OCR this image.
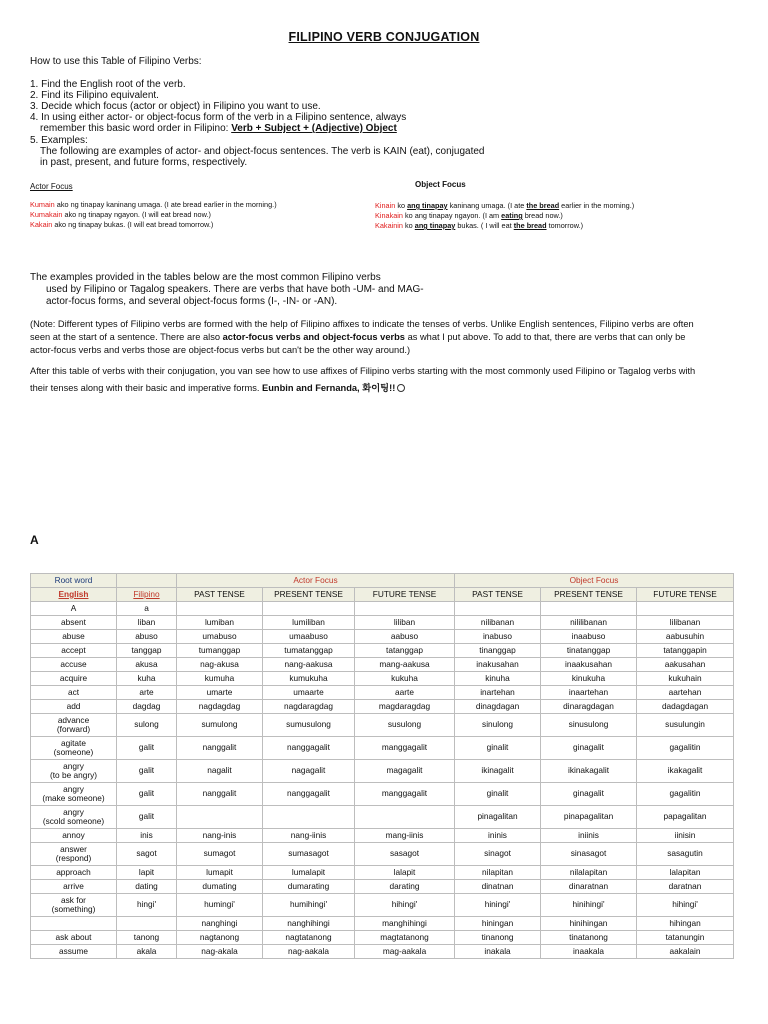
FILIPINO VERB CONJUGATION
How to use this Table of Filipino Verbs:
1. Find the English root of the verb.
2. Find its Filipino equivalent.
3. Decide which focus (actor or object) in Filipino you want to use.
4. In using either actor- or object-focus form of the verb in a Filipino sentence, always
remember this basic word order in Filipino: Verb + Subject + (Adjective) Object
5. Examples:
The following are examples of actor- and object-focus sentences. The verb is KAIN (eat), conjugated
in past, present, and future forms, respectively.
Actor Focus	Object Focus
Kumain ako ng tinapay kaninang umaga. (I ate bread earlier in the morning.)
Kumakain ako ng tinapay ngayon. (I will eat bread now.)
Kakain ako ng tinapay bukas. (I will eat bread tomorrow.)
Kinain ko ang tinapay kaninang umaga. (I ate the bread earlier in the morning.)
Kinakain ko ang tinapay ngayon. (I am eating bread now.)
Kakainin ko ang tinapay bukas. ( I will eat the bread tomorrow.)
The examples provided in the tables below are the most common Filipino verbs
used by Filipino or Tagalog speakers. There are verbs that have both -UM- and MAG-
actor-focus forms, and several object-focus forms (I-, -IN- or -AN).
(Note: Different types of Filipino verbs are formed with the help of Filipino affixes to indicate the tenses of verbs. Unlike English sentences, Filipino verbs are often
seen at the start of a sentence. There are also actor-focus verbs and object-focus verbs as what I put above. To add to that, there are verbs that can only be
actor-focus verbs and verbs those are object-focus verbs but can't be the other way around.)
After this table of verbs with their conjugation, you van see how to use affixes of Filipino verbs starting with the most commonly used Filipino or Tagalog verbs with
their tenses along with their basic and imperative forms. Eunbin and Fernanda, 화이팅!!
A
Root word		Actor Focus			Object Focus		
English	Filipino	PAST TENSE	PRESENT TENSE	FUTURE TENSE	PAST TENSE	PRESENT TENSE	FUTURE TENSE
A	a						
absent	liban	lumiban	lumiliban	liliban	nilibanan	nililibanan	lilibanan
abuse	abuso	umabuso	umaabuso	aabuso	inabuso	inaabuso	aabusuhin
accept	tanggap	tumanggap	tumatanggap	tatanggap	tinanggap	tinatanggap	tatanggapin
accuse	akusa	nag-akusa	nang-aakusa	mang-aakusa	inakusahan	inaakusahan	aakusahan
acquire	kuha	kumuha	kumukuha	kukuha	kinuha	kinukuha	kukuhain
act	arte	umarte	umaarte	aarte	inartehan	inaartehan	aartehan
add	dagdag	nagdagdag	nagdaragdag	magdaragdag	dinagdagan	dinaragdagan	dadagdagan
advance
(forward)	sulong	sumulong	sumusulong	susulong	sinulong	sinusulong	susulungin
agitate
(someone)	galit	nanggalit	nanggagalit	manggagalit	ginalit	ginagalit	gagalitin
angry
(to be angry)	galit	nagalit	nagagalit	magagalit	ikinagalit	ikinakagalit	ikakagalit
angry
(make someone)	galit	nanggalit	nanggagalit	manggagalit	ginalit	ginagalit	gagalitin
angry
(scold someone)	galit				pinagalitan	pinapagalitan	papagalitan
annoy	inis	nang-inis	nang-iinis	mang-iinis	ininis	iniinis	iinisin
answer
(respond)	sagot	sumagot	sumasagot	sasagot	sinagot	sinasagot	sasagutin
approach	lapit	lumapit	lumalapit	lalapit	nilapitan	nilalapitan	lalapitan
arrive	dating	dumating	dumarating	darating	dinatnan	dinaratnan	daratnan
ask for
(something)	hingi'	humingi'	humihingi'	hihingi'	hiningi'	hinihingi'	hihingi'
		nanghingi	nanghihingi	manghihingi	hiningan	hinihingan	hihingan
ask about	tanong	nagtanong	nagtatanong	magtatanong	tinanong	tinatanong	tatanungin
assume	akala	nag-akala	nag-aakala	mag-aakala	inakala	inaakala	aakalain
